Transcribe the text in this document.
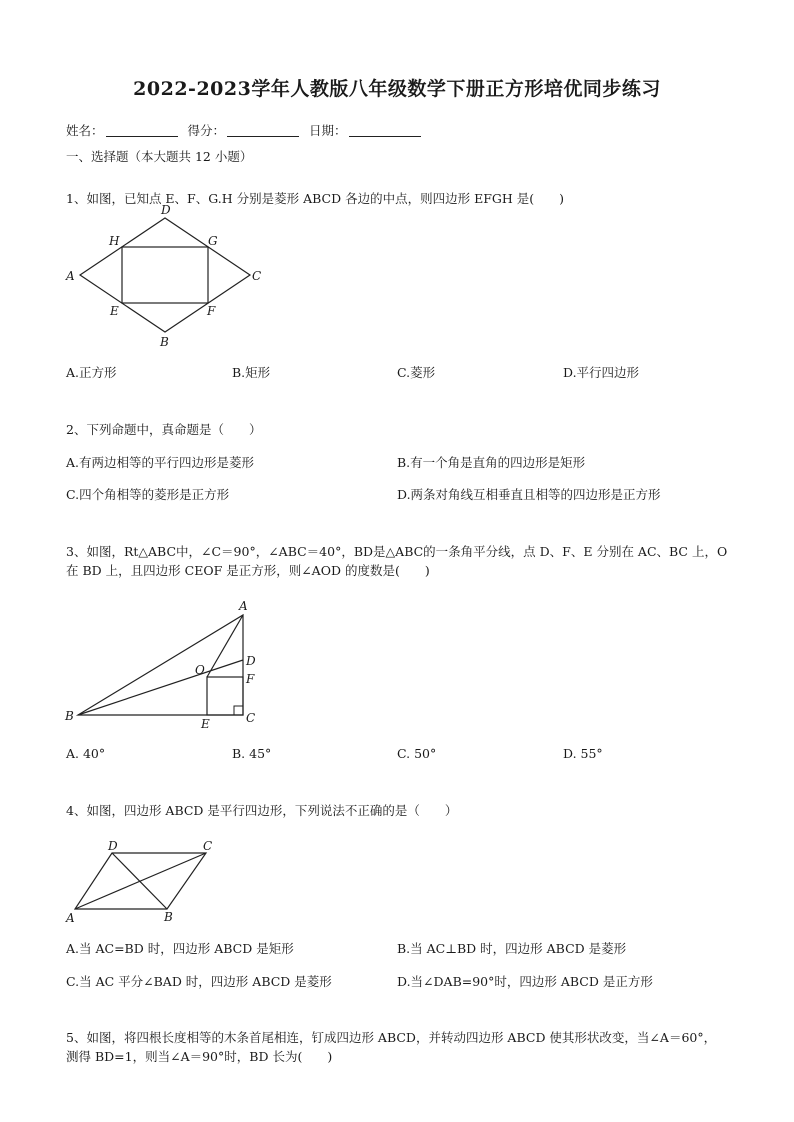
2022-2023学年人教版八年级数学下册正方形培优同步练习
姓名：	得分：	日期：
一、选择题（本大题共 12 小题）
1、如图，已知点 E、F、G.H 分别是菱形 ABCD 各边的中点，则四边形 EFGH 是(　　)
A
B
C
D
E	F
G
H
A.正方形	B.矩形	C.菱形	D.平行四边形
2、下列命题中，真命题是（　　）
A.有两边相等的平行四边形是菱形	B.有一个角是直角的四边形是矩形
C.四个角相等的菱形是正方形	D.两条对角线互相垂直且相等的四边形是正方形
3、如图，Rt△ABC中，∠C＝90°，∠ABC＝40°，BD是△ABC的一条角平分线，点 D、F、E 分别在 AC、BC 上，O
在 BD 上，且四边形 CEOF 是正方形，则∠AOD 的度数是(　　)
B
A
D
F
C
E
O
A. 40°	B. 45°	C. 50°	D. 55°
4、如图，四边形 ABCD 是平行四边形，下列说法不正确的是（　　）
A	B
C
D
A.当 AC=BD 时，四边形 ABCD 是矩形	B.当 AC⊥BD 时，四边形 ABCD 是菱形
C.当 AC 平分∠BAD 时，四边形 ABCD 是菱形	D.当∠DAB=90°时，四边形 ABCD 是正方形
5、如图，将四根长度相等的木条首尾相连，钉成四边形 ABCD，并转动四边形 ABCD 使其形状改变，当∠A＝60°，
测得 BD=1，则当∠A＝90°时，BD 长为(　　)
